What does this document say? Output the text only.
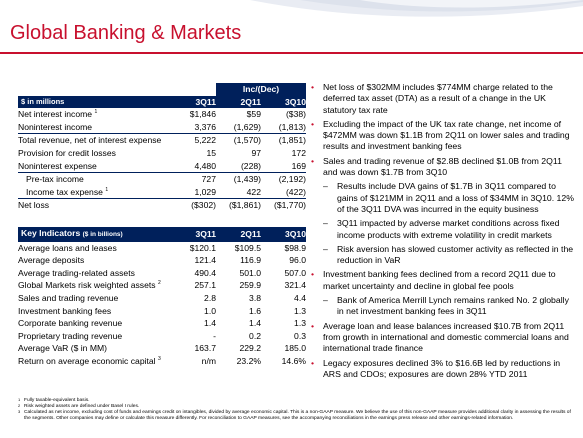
Global Banking & Markets
		Inc/(Dec)	
$ in millions	3Q11	2Q11	3Q10
Net interest income $^1$	$1,846	$59	($38)
Noninterest income	3,376	(1,629)	(1,813)
Total revenue, net of interest expense	5,222	(1,570)	(1,851)
Provision for credit losses	15	97	172
Noninterest expense	4,480	(228)	169
Pre-tax income	727	(1,439)	(2,192)
Income tax expense $^1$	1,029	422	(422)
Net loss	($302)	($1,861)	($1,770)
Key Indicators ($ in billions)	3Q11	2Q11	3Q10
Average loans and leases	$120.1	$109.5	$98.9
Average deposits	121.4	116.9	96.0
Average trading-related assets	490.4	501.0	507.0
Global Markets risk weighted assets $^2$	257.1	259.9	321.4
Sales and trading revenue	2.8	3.8	4.4
Investment banking fees	1.0	1.6	1.3
Corporate banking revenue	1.4	1.4	1.3
Proprietary trading revenue	-	0.2	0.3
Average VaR ($ in MM)	163.7	229.2	185.0
Return on average economic capital $^3$	n/m	23.2%	14.6%
• Net loss of $302MM includes $774MM charge related to the deferred tax asset (DTA) as a result of a change in the UK statutory tax rate
• Excluding the impact of the UK tax rate change, net income of $472MM was down $1.1B from 2Q11 on lower sales and trading results and investment banking fees
• Sales and trading revenue of $2.8B declined $1.0B from 2Q11 and was down $1.7B from 3Q10
– Results include DVA gains of $1.7B in 3Q11 compared to gains of $121MM in 2Q11 and a loss of $34MM in 3Q10. 12% of the 3Q11 DVA was incurred in the equity business
– 3Q11 impacted by adverse market conditions across fixed income products with extreme volatility in credit markets
– Risk aversion has slowed customer activity as reflected in the reduction in VaR
• Investment banking fees declined from a record 2Q11 due to market uncertainty and decline in global fee pools
– Bank of America Merrill Lynch remains ranked No. 2 globally in net investment banking fees in 3Q11
• Average loan and lease balances increased $10.7B from 2Q11 from growth in international and domestic commercial loans and international trade finance
• Legacy exposures declined 3% to $16.6B led by reductions in ARS and CDOs; exposures are down 28% YTD 2011
1 Fully taxable-equivalent basis.
2 Risk weighted assets are defined under Basel I rules.
3 Calculated as net income, excluding cost of funds and earnings credit on intangibles, divided by average economic capital. This is a non-GAAP measure. We believe the use of this non-GAAP measure provides additional clarity in assessing the results of the segments. Other companies may define or calculate this measure differently. For reconciliation to GAAP measures, see the accompanying reconciliations in the earnings press release and other earnings-related information.
